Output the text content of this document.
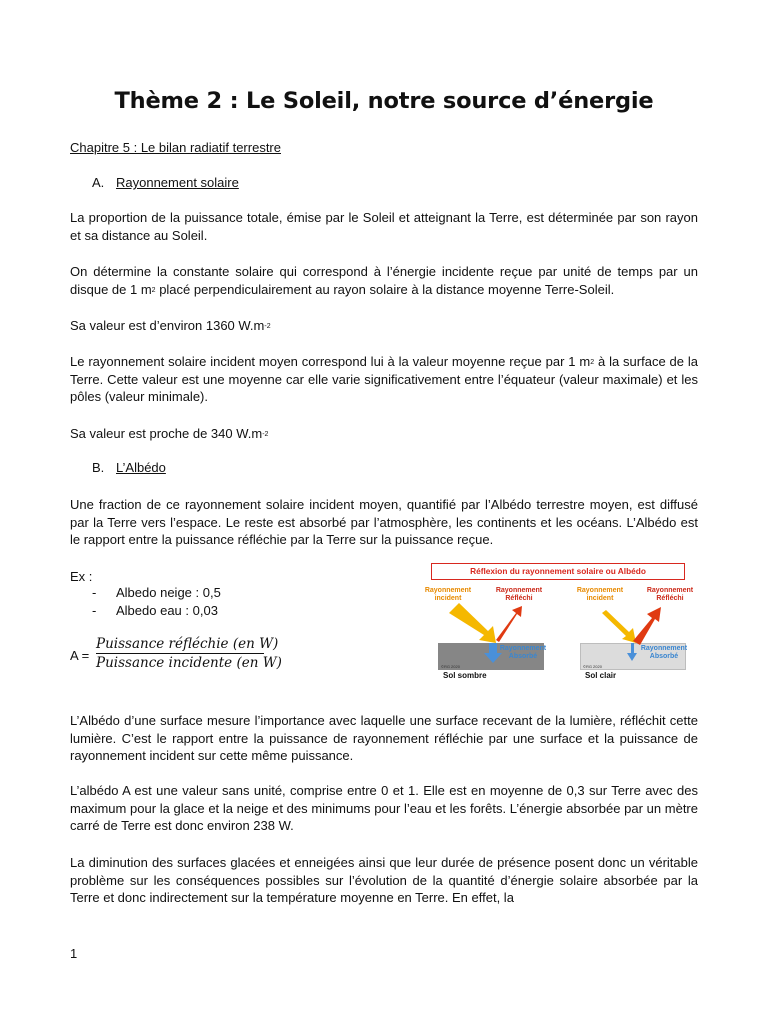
Thème 2 : Le Soleil, notre source d’énergie
Chapitre 5 : Le bilan radiatif terrestre
A. Rayonnement solaire

La proportion de la puissance totale, émise par le Soleil et atteignant la Terre, est déterminée par son rayon et sa distance au Soleil.

On détermine la constante solaire qui correspond à l’énergie incidente reçue par unité de temps par un disque de 1 $m^2$ placé perpendiculairement au rayon solaire à la distance moyenne Terre-Soleil.

Sa valeur est d’environ 1360 $W.m^{-2}$

Le rayonnement solaire incident moyen correspond lui à la valeur moyenne reçue par 1 $m^2$ à la surface de la Terre. Cette valeur est une moyenne car elle varie significativement entre l’équateur (valeur maximale) et les pôles (valeur minimale).

Sa valeur est proche de 340 $W.m^{-2}$

B. L’Albédo

Une fraction de ce rayonnement solaire incident moyen, quantifié par l’Albédo terrestre moyen, est diffusé par la Terre vers l’espace. Le reste est absorbé par l’atmosphère, les continents et les océans. L’Albédo est le rapport entre la puissance réfléchie par la Terre sur la puissance reçue.

Ex :

- Albedo neige : 0,5
- Albedo eau : 0,03
A =
Puissance réfléchie (en W)
Puissance incidente (en W)
Réflexion du rayonnement solaire ou Albédo
Rayonnement
incident
Rayonnement
Réfléchi
Rayonnement
Absorbé
©RG 2020
Sol sombre
Rayonnement
incident
Rayonnement
Réfléchi
Rayonnement
Absorbé
©RG 2020
Sol clair

L’Albédo d’une surface mesure l’importance avec laquelle une surface recevant de la lumière, réfléchit cette lumière. C’est le rapport entre la puissance de rayonnement réfléchie par une surface et la puissance de rayonnement incident sur cette même puissance.

L’albédo A est une valeur sans unité, comprise entre 0 et 1. Elle est en moyenne de 0,3 sur Terre avec des maximum pour la glace et la neige et des minimums pour l’eau et les forêts. L’énergie absorbée par un mètre carré de Terre est donc environ 238 W.

La diminution des surfaces glacées et enneigées ainsi que leur durée de présence posent donc un véritable problème sur les conséquences possibles sur l’évolution de la quantité d’énergie solaire absorbée par la Terre et donc indirectement sur la température moyenne en Terre. En effet, la

1
